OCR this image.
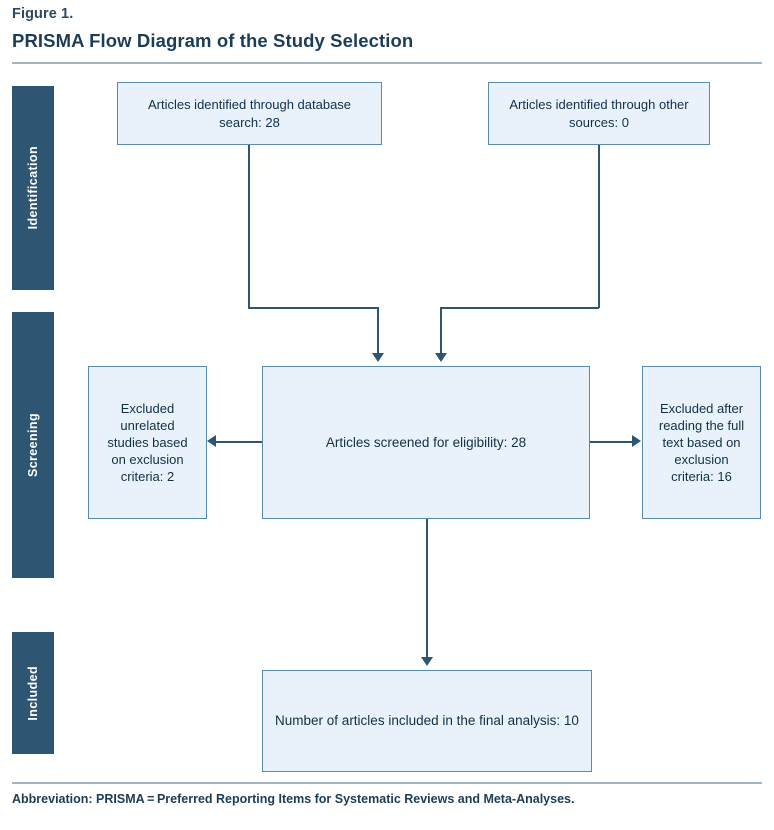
Figure 1.
PRISMA Flow Diagram of the Study Selection
Identification
Screening
Included
Articles identified through database search: 28
Articles identified through other sources: 0
Articles screened for eligibility: 28
Excluded unrelated studies based on exclusion criteria: 2
Excluded after reading the full text based on exclusion criteria: 16
Number of articles included in the final analysis: 10
Abbreviation: PRISMA = Preferred Reporting Items for Systematic Reviews and Meta-Analyses.
